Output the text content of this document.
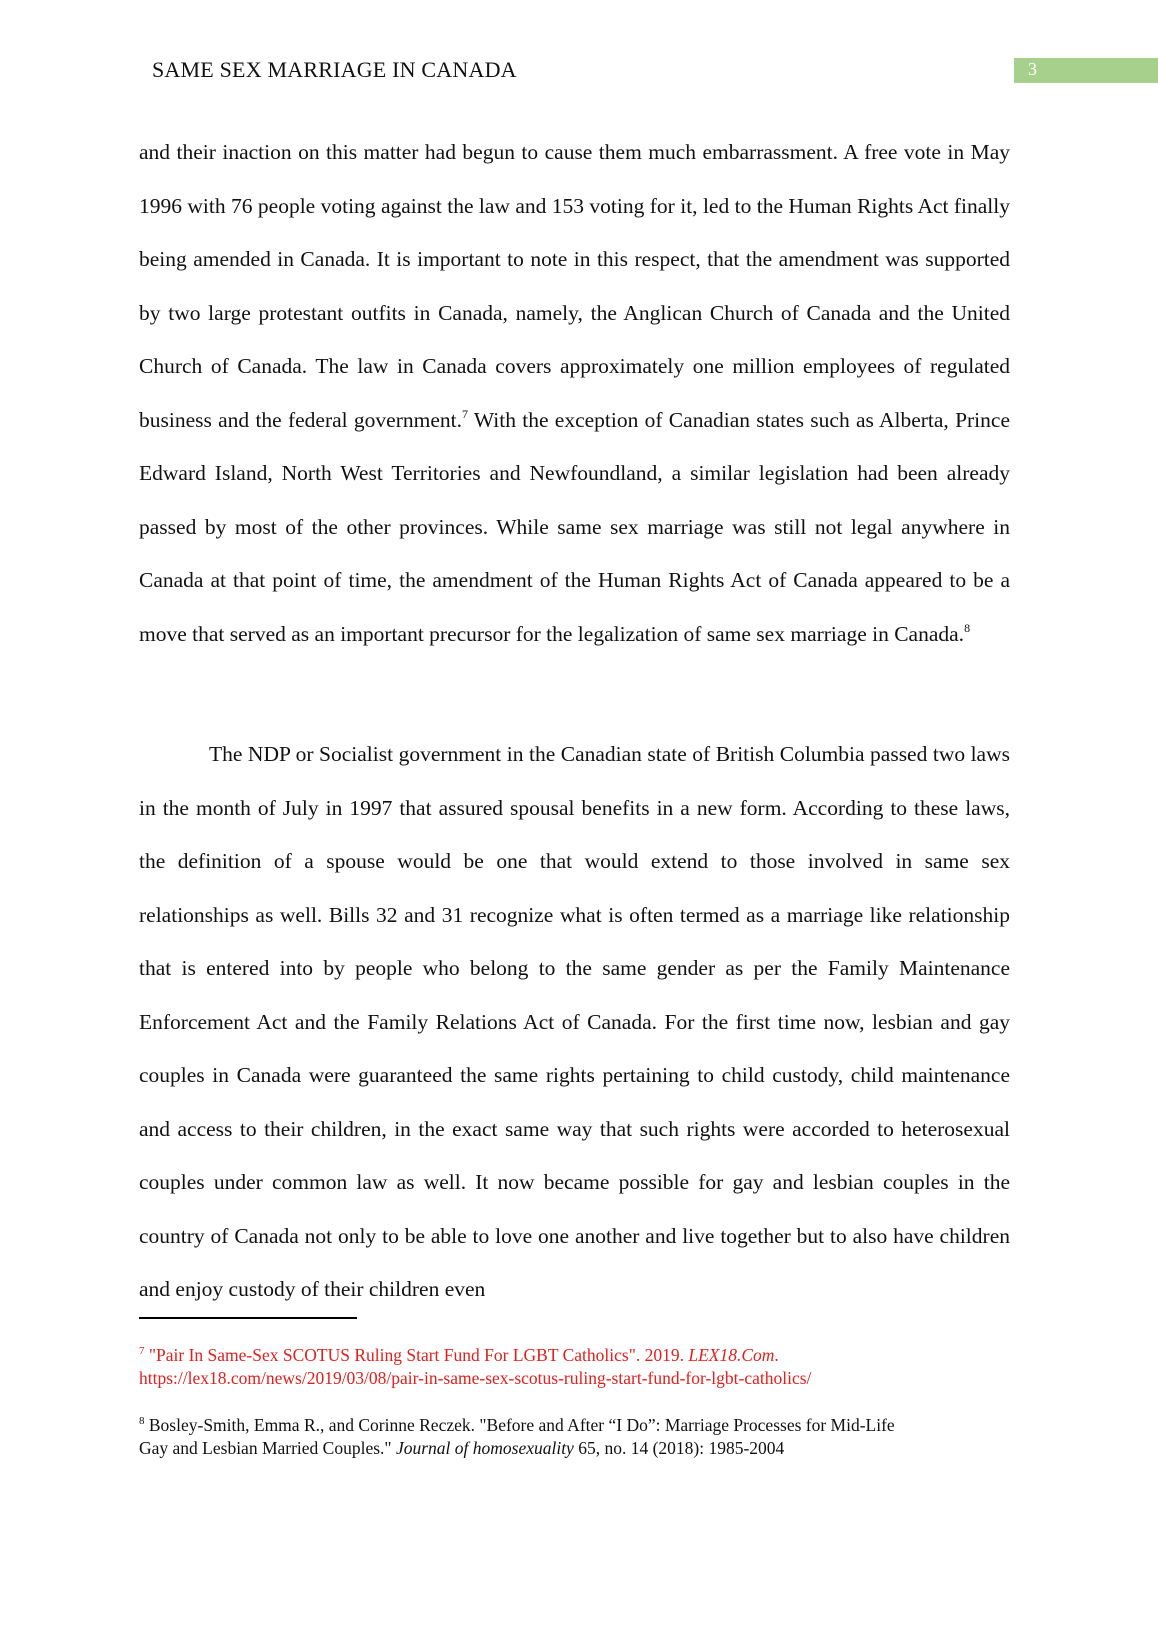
SAME SEX MARRIAGE IN CANADA	3

and their inaction on this matter had begun to cause them much embarrassment. A free vote in May 1996 with 76 people voting against the law and 153 voting for it, led to the Human Rights Act finally being amended in Canada. It is important to note in this respect, that the amendment was supported by two large protestant outfits in Canada, namely, the Anglican Church of Canada and the United Church of Canada. The law in Canada covers approximately one million employees of regulated business and the federal government.$^7$ With the exception of Canadian states such as Alberta, Prince Edward Island, North West Territories and Newfoundland, a similar legislation had been already passed by most of the other provinces. While same sex marriage was still not legal anywhere in Canada at that point of time, the amendment of the Human Rights Act of Canada appeared to be a move that served as an important precursor for the legalization of same sex marriage in Canada.$^8$

The NDP or Socialist government in the Canadian state of British Columbia passed two laws in the month of July in 1997 that assured spousal benefits in a new form. According to these laws, the definition of a spouse would be one that would extend to those involved in same sex relationships as well. Bills 32 and 31 recognize what is often termed as a marriage like relationship that is entered into by people who belong to the same gender as per the Family Maintenance Enforcement Act and the Family Relations Act of Canada. For the first time now, lesbian and gay couples in Canada were guaranteed the same rights pertaining to child custody, child maintenance and access to their children, in the exact same way that such rights were accorded to heterosexual couples under common law as well. It now became possible for gay and lesbian couples in the country of Canada not only to be able to love one another and live together but to also have children and enjoy custody of their children even

$^7$ "Pair In Same-Sex SCOTUS Ruling Start Fund For LGBT Catholics". 2019. LEX18.Com.
https://lex18.com/news/2019/03/08/pair-in-same-sex-scotus-ruling-start-fund-for-lgbt-catholics/
$^8$ Bosley-Smith, Emma R., and Corinne Reczek. "Before and After “I Do”: Marriage Processes for Mid-Life
Gay and Lesbian Married Couples." Journal of homosexuality 65, no. 14 (2018): 1985-2004
